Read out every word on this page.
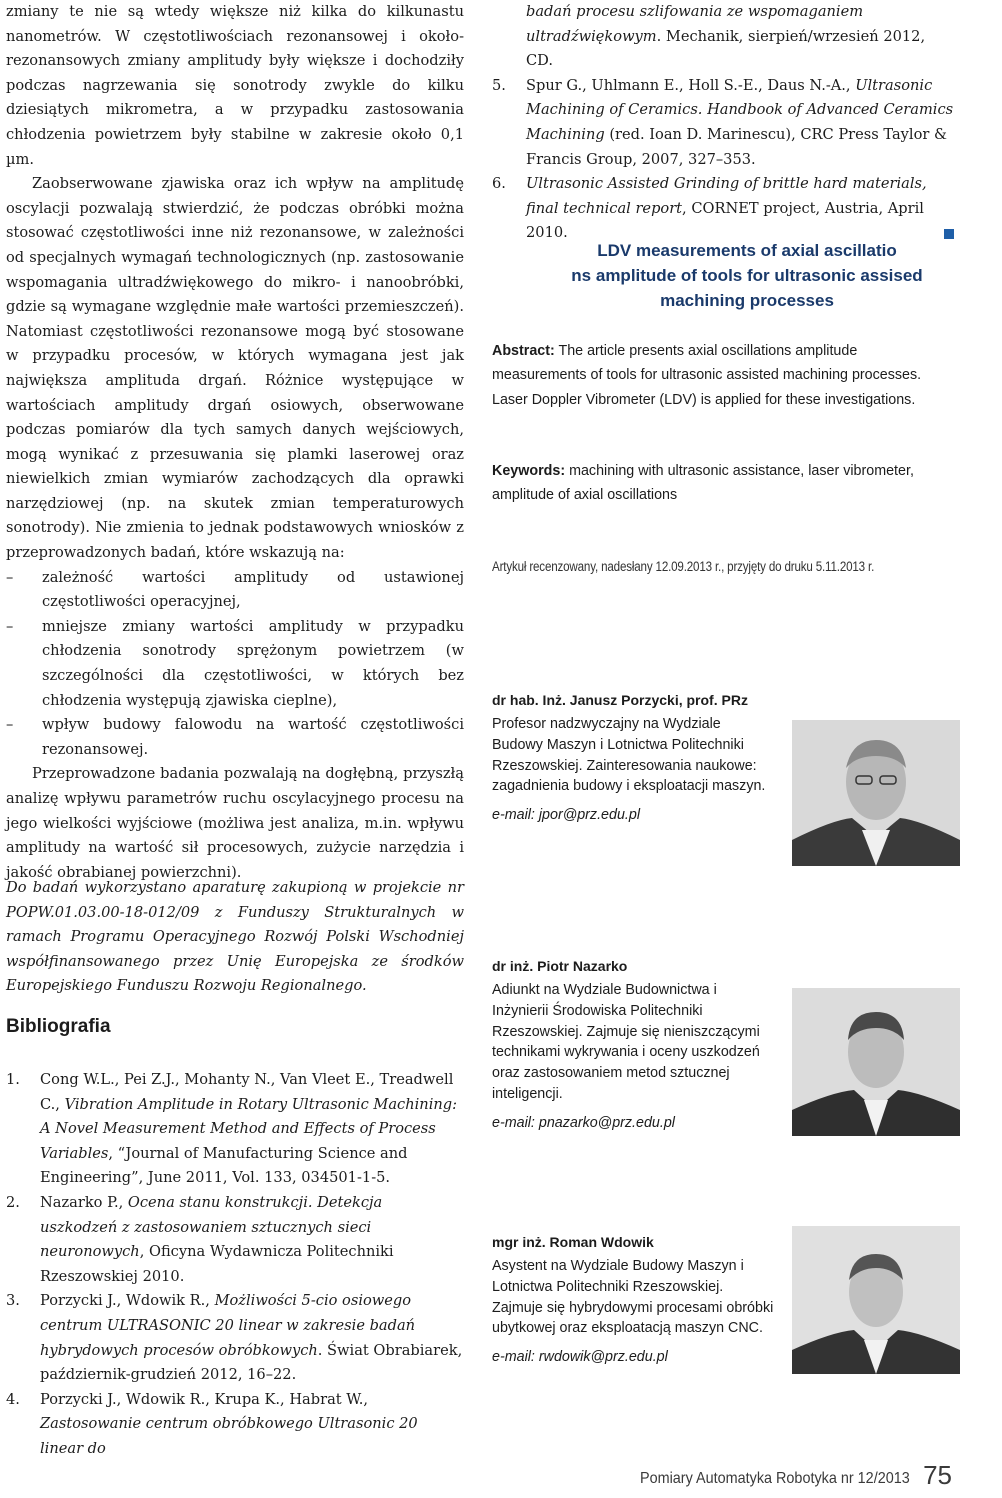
zmiany te nie są wtedy większe niż kilka do kilkunastu nanometrów. W częstotliwościach rezonansowej i około-rezonansowych zmiany amplitudy były większe i dochodziły podczas nagrzewania się sonotrody zwykle do kilku dziesiątych mikrometra, a w przypadku zastosowania chłodzenia powietrzem były stabilne w zakresie około 0,1 µm.

Zaobserwowane zjawiska oraz ich wpływ na amplitudę oscylacji pozwalają stwierdzić, że podczas obróbki można stosować częstotliwości inne niż rezonansowe, w zależności od specjalnych wymagań technologicznych (np. zastosowanie wspomagania ultradźwiękowego do mikro- i nanoobróbki, gdzie są wymagane względnie małe wartości przemieszczeń). Natomiast częstotliwości rezonansowe mogą być stosowane w przypadku procesów, w których wymagana jest jak największa amplituda drgań. Różnice występujące w wartościach amplitudy drgań osiowych, obserwowane podczas pomiarów dla tych samych danych wejściowych, mogą wynikać z przesuwania się plamki laserowej oraz niewielkich zmian wymiarów zachodzących dla oprawki narzędziowej (np. na skutek zmian temperaturowych sonotrody). Nie zmienia to jednak podstawowych wniosków z przeprowadzonych badań, które wskazują na:

– zależność wartości amplitudy od ustawionej częstotliwości operacyjnej,
– mniejsze zmiany wartości amplitudy w przypadku chłodzenia sonotrody sprężonym powietrzem (w szczególności dla częstotliwości, w których bez chłodzenia występują zjawiska cieplne),
– wpływ budowy falowodu na wartość częstotliwości rezonansowej.

Przeprowadzone badania pozwalają na dogłębną, przyszłą analizę wpływu parametrów ruchu oscylacyjnego procesu na jego wielkości wyjściowe (możliwa jest analiza, m.in. wpływu amplitudy na wartość sił procesowych, zużycie narzędzia i jakość obrabianej powierzchni).

Do badań wykorzystano aparaturę zakupioną w projekcie nr POPW.01.03.00-18-012/09 z Funduszy Strukturalnych w ramach Programu Operacyjnego Rozwój Polski Wschodniej współfinansowanego przez Unię Europejska ze środków Europejskiego Funduszu Rozwoju Regionalnego.
Bibliografia
1. Cong W.L., Pei Z.J., Mohanty N., Van Vleet E., Treadwell C., Vibration Amplitude in Rotary Ultrasonic Machining: A Novel Measurement Method and Effects of Process Variables, “Journal of Manufacturing Science and Engineering”, June 2011, Vol. 133, 034501-1-5.
2. Nazarko P., Ocena stanu konstrukcji. Detekcja uszkodzeń z zastosowaniem sztucznych sieci neuronowych, Oficyna Wydawnicza Politechniki Rzeszowskiej 2010.
3. Porzycki J., Wdowik R., Możliwości 5-cio osiowego centrum ULTRASONIC 20 linear w zakresie badań hybrydowych procesów obróbkowych. Świat Obrabiarek, październik-grudzień 2012, 16–22.
4. Porzycki J., Wdowik R., Krupa K., Habrat W., Zastosowanie centrum obróbkowego Ultrasonic 20 linear do
badań procesu szlifowania ze wspomaganiem ultradźwiękowym. Mechanik, sierpień/wrzesień 2012, CD.
5. Spur G., Uhlmann E., Holl S.-E., Daus N.-A., Ultrasonic Machining of Ceramics. Handbook of Advanced Ceramics Machining (red. Ioan D. Marinescu), CRC Press Taylor & Francis Group, 2007, 327–353.
6. Ultrasonic Assisted Grinding of brittle hard materials, final technical report, CORNET project, Austria, April 2010.
LDV measurements of axial ascillatio
ns amplitude of tools for ultrasonic assised
machining processes
Abstract: The article presents axial oscillations amplitude measurements of tools for ultrasonic assisted machining processes. Laser Doppler Vibrometer (LDV) is applied for these investigations.
Keywords: machining with ultrasonic assistance, laser vibrometer, amplitude of axial oscillations
Artykuł recenzowany, nadesłany 12.09.2013 r., przyjęty do druku 5.11.2013 r.
dr hab. Inż. Janusz Porzycki, prof. PRz
Profesor nadzwyczajny na Wydziale Budowy Maszyn i Lotnictwa Politechniki Rzeszowskiej. Zainteresowania naukowe: zagadnienia budowy i eksploatacji maszyn.
e-mail: jpor@prz.edu.pl
dr inż. Piotr Nazarko
Adiunkt na Wydziale Budownictwa i Inżynierii Środowiska Politechniki Rzeszowskiej. Zajmuje się nieniszczącymi technikami wykrywania i oceny uszkodzeń oraz zastosowaniem metod sztucznej inteligencji.
e-mail: pnazarko@prz.edu.pl
mgr inż. Roman Wdowik
Asystent na Wydziale Budowy Maszyn i Lotnictwa Politechniki Rzeszowskiej. Zajmuje się hybrydowymi procesami obróbki ubytkowej oraz eksploatacją maszyn CNC.
e-mail: rwdowik@prz.edu.pl
Pomiary Automatyka Robotyka nr 12/2013 75
